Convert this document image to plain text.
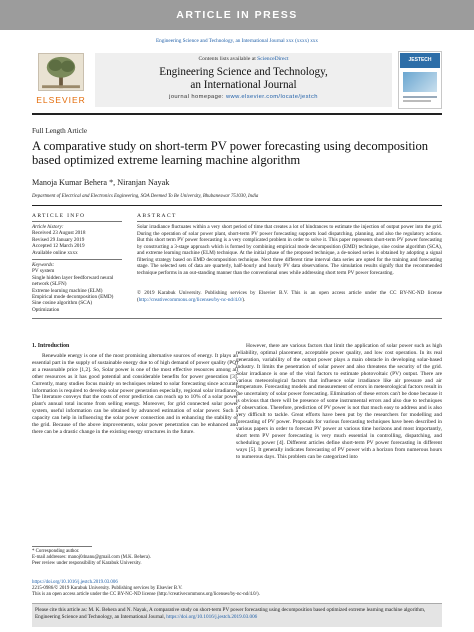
ARTICLE IN PRESS
Engineering Science and Technology, an International Journal xxx (xxxx) xxx
ELSEVIER
Contents lists available at ScienceDirect
Engineering Science and Technology,
an International Journal
journal homepage: www.elsevier.com/locate/jestch
JESTECH
Full Length Article
A comparative study on short-term PV power forecasting using decomposition based optimized extreme learning machine algorithm
Manoja Kumar Behera *, Niranjan Nayak
Department of Electrical and Electronics Engineering, SOA Deemed To Be University, Bhubaneswar 751030, India
ARTICLE INFO
Article history:
Received 23 August 2018
Revised 29 January 2019
Accepted 12 March 2019
Available online xxxx
Keywords:
PV system
Single hidden layer feedforward neural network (SLFN)
Extreme learning machine (ELM)
Empirical mode decomposition (EMD)
Sine cosine algorithm (SCA)
Optimization
ABSTRACT
Solar irradiance fluctuates within a very short period of time that creates a lot of hindrances to estimate the injection of output power into the grid. During the operation of solar power plant, short-term PV power forecasting supports load dispatching, planning, and also the regulatory actions. But this short term PV power forecasting is a very complicated problem in order to solve it. This paper represents short-term PV power forecasting by constructing a 3-stage approach which is formed by combining empirical mode decomposition (EMD) technique, sine cosine algorithm (SCA), and extreme learning machine (ELM) technique. At the initial phase of the proposed technique, a de-noised series is obtained by adopting a signal filtering strategy based on EMD decomposition technique. Next three different time interval data series are opted for the training and forecasting stage. The selected sets of data are quarterly, half-hourly and hourly PV data observations. The simulation results signify that the recommended technique performs in an out-standing manner than the conventional ones while addressing short term PV power forecasting.
© 2019 Karabuk University. Publishing services by Elsevier B.V. This is an open access article under the CC BY-NC-ND license (http://creativecommons.org/licenses/by-nc-nd/4.0/).
1. Introduction
Renewable energy is one of the most promising alternative sources of energy. It plays an essential part in the supply of sustainable energy due to of high demand of power quality (PQ) at a reasonable price [1,2]. So, Solar power is one of the most effective resources among all other resources as it has good potential and considerable benefits for power generation [3]. Currently, many studies focus mainly on techniques related to solar forecasting since accurate information is required to develop solar power generation especially, regional solar irradiance. The literature conveys that the costs of error prediction can reach up to 10% of a solar power plant's annual total income from selling energy. Moreover, for grid connected solar power system, useful information can be obtained by advanced estimation of solar power. Such a capacity can help in influencing the solar power connection and in enhancing the stability of the grid. Because of the above improvements, solar power penetration can be enhanced and there can be a drastic change in the existing energy structures in the future.
However, there are various factors that limit the application of solar power such as high reliability, optimal placement, acceptable power quality, and low cost operation. In its real generation, variability of the output power plays a main obstacle in developing solar-based industry. It limits the penetration of solar power and also threatens the security of the grid. Solar irradiance is one of the vital factors to estimate photovoltaic (PV) output. There are various meteorological factors that influence solar irradiance like air pressure and air temperature. Forecasting models and measurement of errors in meteorological factors result in the uncertainty of solar power forecasting. Elimination of these errors can't be done because it is obvious that there will be presence of some instrumental errors and also due to techniques of observation. Therefore, prediction of PV power is not that much easy to address and is also very difficult to tackle. Great efforts have been put by the researchers for modelling and forecasting of PV power. Proposals for various forecasting techniques have been described in various papers in order to forecast PV power at various time horizons and most importantly, short term PV power forecasting is very much essential in controlling, dispatching, and scheduling power [4]. Different articles define short-term PV power forecasting in different ways [5]. It generally indicates forecasting of PV power with a horizon from numerous hours to numerous days. This problem can be categorized into
* Corresponding author.
E-mail addresses: manoj04nanu@gmail.com (M.K. Behera).
Peer review under responsibility of Karabuk University.
https://doi.org/10.1016/j.jestch.2019.03.006
2215-0986/© 2019 Karabuk University. Publishing services by Elsevier B.V.
This is an open access article under the CC BY-NC-ND license (http://creativecommons.org/licenses/by-nc-nd/4.0/).
Please cite this article as: M. K. Behera and N. Nayak, A comparative study on short-term PV power forecasting using decomposition based optimized extreme learning machine algorithm, Engineering Science and Technology, an International Journal, https://doi.org/10.1016/j.jestch.2019.03.006
